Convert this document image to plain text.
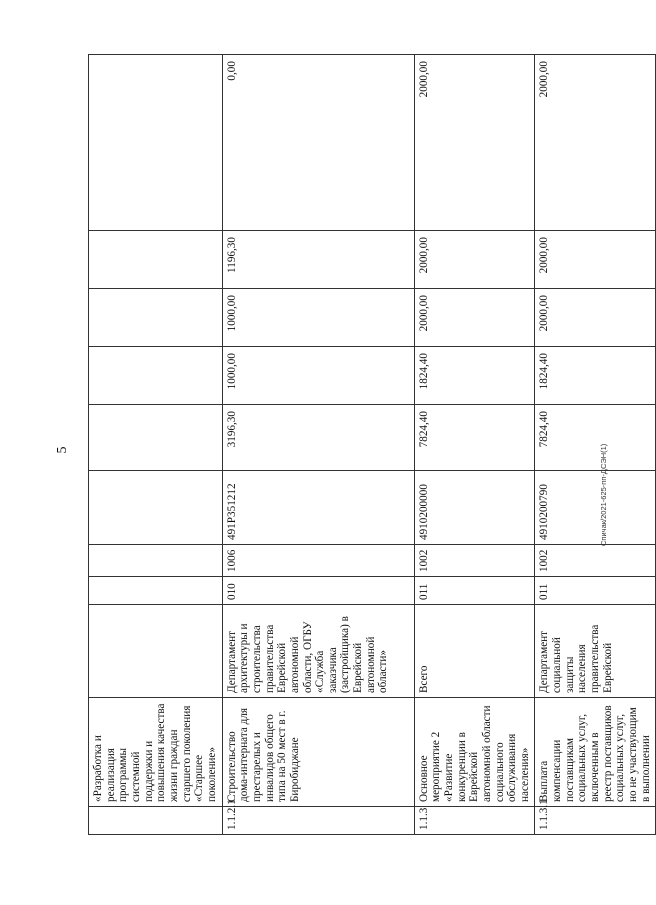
5	Спичак/2021-625-пп-ДСЭН(1)
	«Разработка и реализация программы системной поддержки и повышения качества жизни граждан старшего поколения «Старшее поколение»									
1.1.2.1	Строительство дома-интерната для престарелых и инвалидов общего типа на 50 мест в г. Биробиджане	Департамент архитектуры и строительства правительства Еврейской автономной области, ОГБУ «Служба заказчика (застройщика) в Еврейской автономной области»	010	1006	491P351212	3196,30	1000,00	1000,00	1196,30	0,00
1.1.3	Основное мероприятие 2 «Развитие конкуренции в Еврейской автономной области социального обслуживания населения»	Всего	011	1002	4910200000	7824,40	1824,40	2000,00	2000,00	2000,00
1.1.3.1	Выплата компенсации поставщикам социальных услуг, включенным в реестр поставщиков социальных услуг, но не участвующим в выполнении	Департамент социальной защиты населения правительства Еврейской	011	1002	4910200790	7824,40	1824,40	2000,00	2000,00	2000,00
